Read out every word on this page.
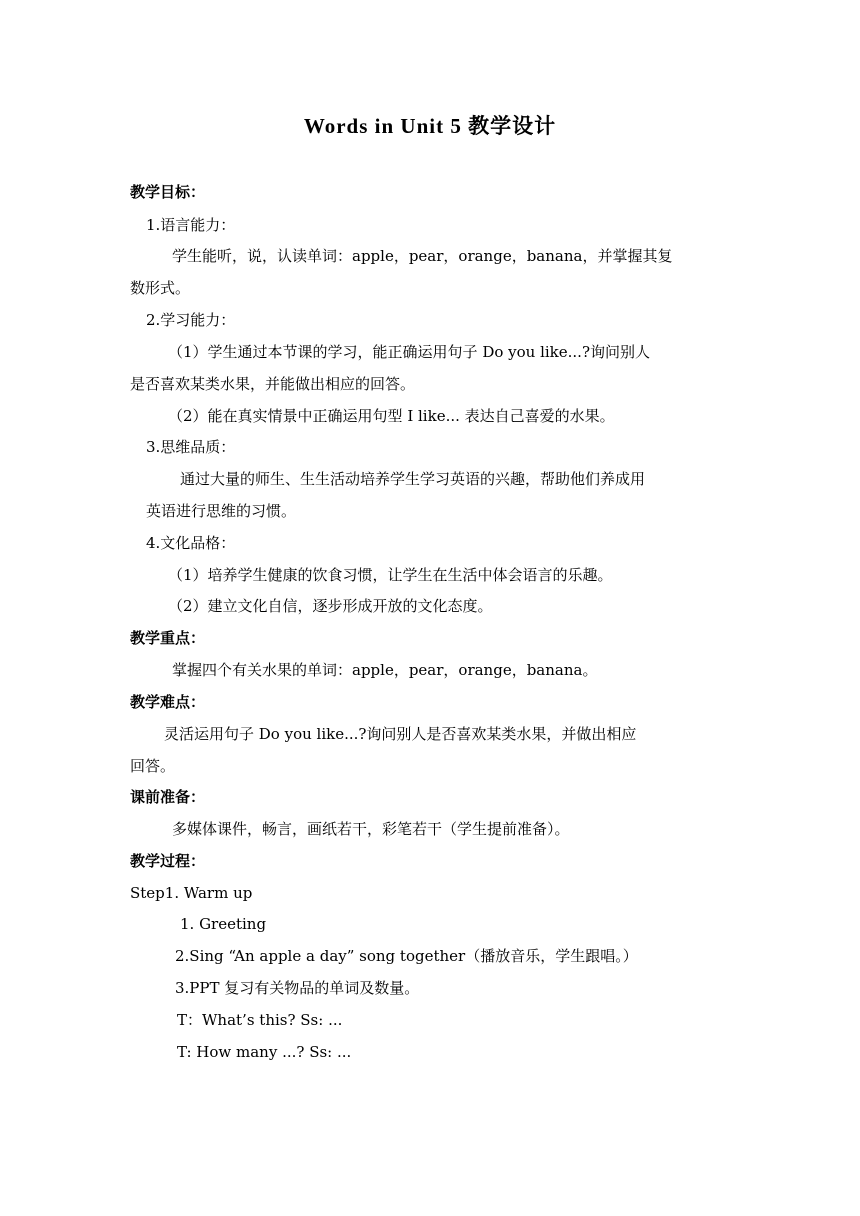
Words in Unit 5 教学设计
教学目标：
1.语言能力：
学生能听，说，认读单词：apple，pear，orange，banana，并掌握其复
数形式。
2.学习能力：
（1）学生通过本节课的学习，能正确运用句子 Do you like...?询问别人
是否喜欢某类水果，并能做出相应的回答。
（2）能在真实情景中正确运用句型 I like... 表达自己喜爱的水果。
3.思维品质：
通过大量的师生、生生活动培养学生学习英语的兴趣，帮助他们养成用
英语进行思维的习惯。
4.文化品格：
（1）培养学生健康的饮食习惯，让学生在生活中体会语言的乐趣。
（2）建立文化自信，逐步形成开放的文化态度。
教学重点：
掌握四个有关水果的单词：apple，pear，orange，banana。
教学难点：
灵活运用句子 Do you like...?询问别人是否喜欢某类水果，并做出相应
回答。
课前准备：
多媒体课件，畅言，画纸若干，彩笔若干（学生提前准备）。
教学过程：
Step1. Warm up
1. Greeting
2.Sing “An apple a day” song together（播放音乐，学生跟唱。）
3.PPT 复习有关物品的单词及数量。
T：What’s this? Ss: ...
T: How many ...? Ss: ...
